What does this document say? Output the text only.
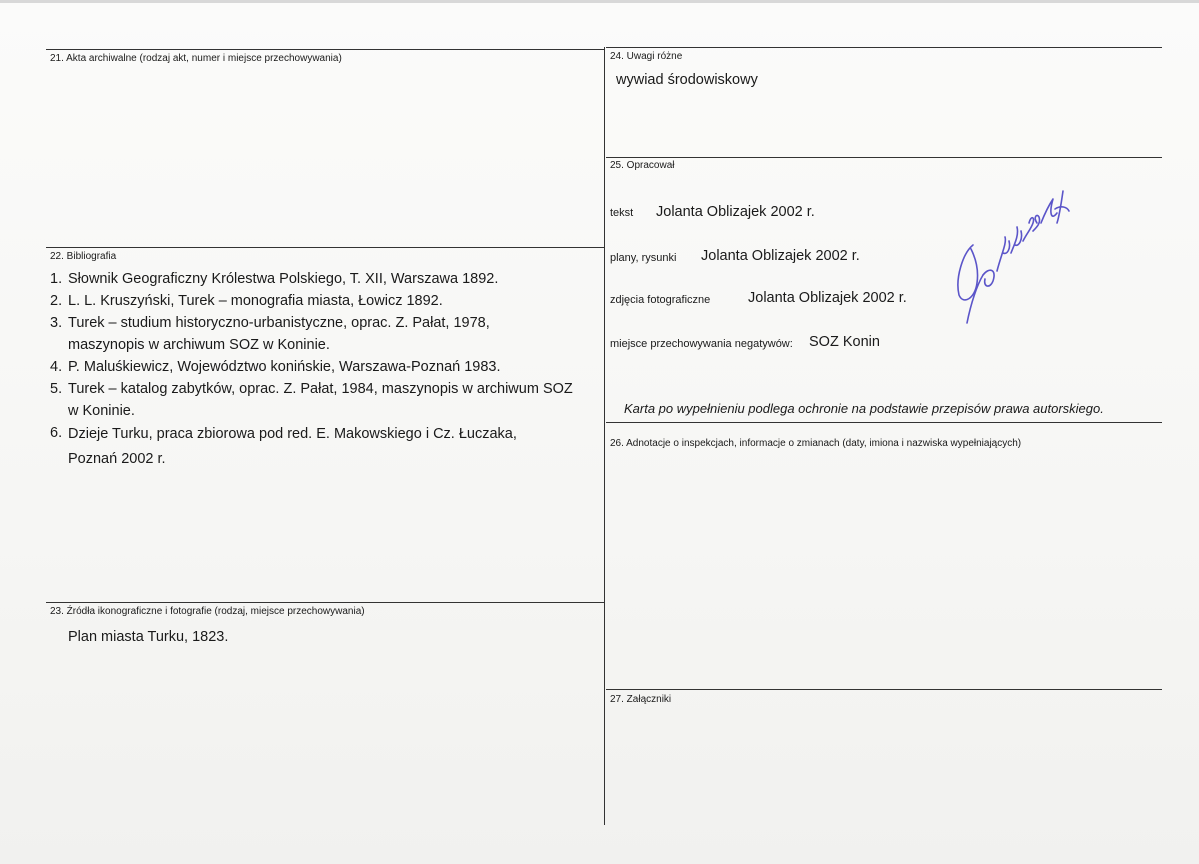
21. Akta archiwalne (rodzaj akt, numer i miejsce przechowywania)
22. Bibliografia
1. Słownik Geograficzny Królestwa Polskiego, T. XII, Warszawa 1892.
2. L. L. Kruszyński, Turek – monografia miasta, Łowicz 1892.
3. Turek – studium historyczno-urbanistyczne, oprac. Z. Pałat, 1978, maszynopis w archiwum SOZ w Koninie.
4. P. Maluśkiewicz, Województwo konińskie, Warszawa-Poznań 1983.
5. Turek – katalog zabytków, oprac. Z. Pałat, 1984, maszynopis w archiwum SOZ w Koninie.
6. Dzieje Turku, praca zbiorowa pod red. E. Makowskiego i Cz. Łuczaka, Poznań 2002 r.
23. Źródła ikonograficzne i fotografie (rodzaj, miejsce przechowywania)
Plan miasta Turku, 1823.
24. Uwagi różne
wywiad środowiskowy
25. Opracował
tekst Jolanta Oblizajek 2002 r.
plany, rysunki Jolanta Oblizajek 2002 r.
zdjęcia fotograficzne	Jolanta Oblizajek 2002 r.
miejsce przechowywania negatywów: SOZ Konin
Karta po wypełnieniu podlega ochronie na podstawie przepisów prawa autorskiego.
26. Adnotacje o inspekcjach, informacje o zmianach (daty, imiona i nazwiska wypełniających)
27. Załączniki
